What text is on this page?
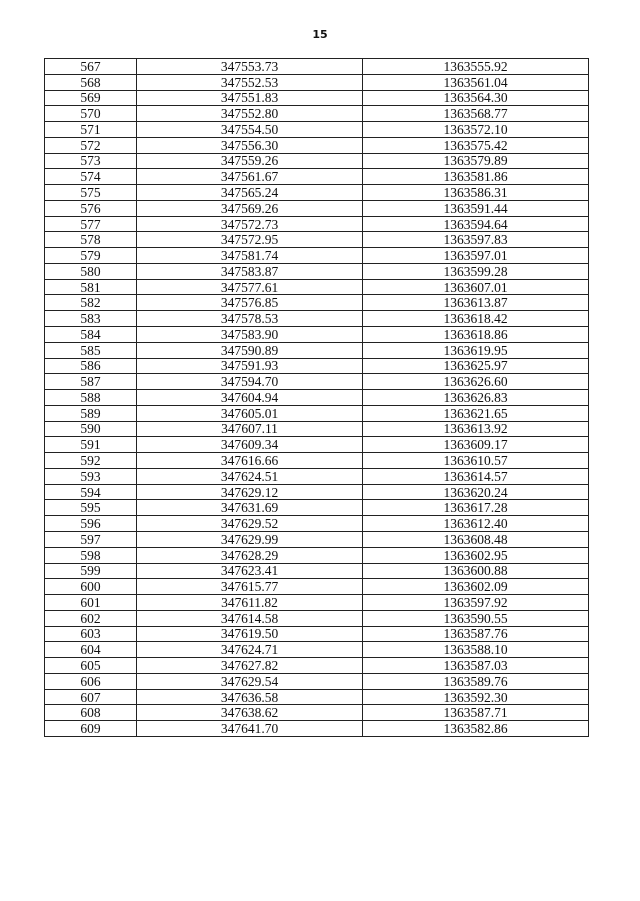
15
567	347553.73	1363555.92
568	347552.53	1363561.04
569	347551.83	1363564.30
570	347552.80	1363568.77
571	347554.50	1363572.10
572	347556.30	1363575.42
573	347559.26	1363579.89
574	347561.67	1363581.86
575	347565.24	1363586.31
576	347569.26	1363591.44
577	347572.73	1363594.64
578	347572.95	1363597.83
579	347581.74	1363597.01
580	347583.87	1363599.28
581	347577.61	1363607.01
582	347576.85	1363613.87
583	347578.53	1363618.42
584	347583.90	1363618.86
585	347590.89	1363619.95
586	347591.93	1363625.97
587	347594.70	1363626.60
588	347604.94	1363626.83
589	347605.01	1363621.65
590	347607.11	1363613.92
591	347609.34	1363609.17
592	347616.66	1363610.57
593	347624.51	1363614.57
594	347629.12	1363620.24
595	347631.69	1363617.28
596	347629.52	1363612.40
597	347629.99	1363608.48
598	347628.29	1363602.95
599	347623.41	1363600.88
600	347615.77	1363602.09
601	347611.82	1363597.92
602	347614.58	1363590.55
603	347619.50	1363587.76
604	347624.71	1363588.10
605	347627.82	1363587.03
606	347629.54	1363589.76
607	347636.58	1363592.30
608	347638.62	1363587.71
609	347641.70	1363582.86
